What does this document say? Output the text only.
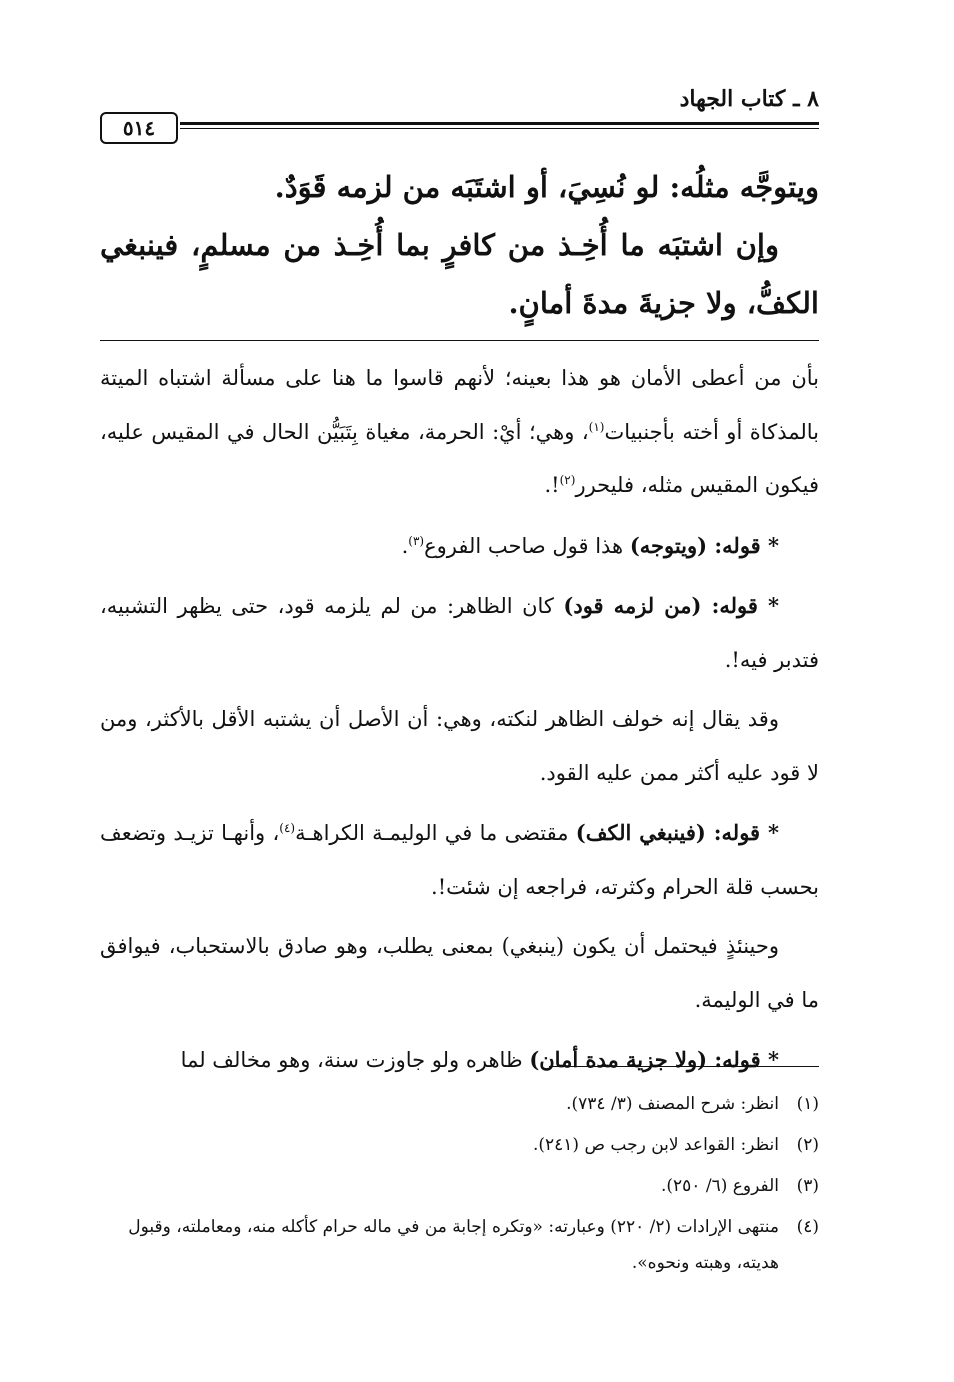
٨ ـ كتاب الجهاد
٥١٤

ويتوجَّه مثلُه: لو نُسِيَ، أو اشتَبَه من لزمه قَوَدٌ.

وإن اشتبَه ما أُخِـذ من كافرٍ بما أُخِـذ من مسلمٍ، فينبغي الكفُّ، ولا جزيةَ مدةَ أمانٍ.

بأن من أعطى الأمان هو هذا بعينه؛ لأنهم قاسوا ما هنا على مسألة اشتباه الميتة بالمذكاة أو أخته بأجنبيات$^{(١)}$، وهي؛ أيْ: الحرمة، مغياة بِتَبَيُّن الحال في المقيس عليه، فيكون المقيس مثله، فليحرر$^{(٢)}$!.

* قوله: (ويتوجه) هذا قول صاحب الفروع$^{(٣)}$.

* قوله: (من لزمه قود) كان الظاهر: من لم يلزمه قود، حتى يظهر التشبيه، فتدبر فيه!.

وقد يقال إنه خولف الظاهر لنكته، وهي: أن الأصل أن يشتبه الأقل بالأكثر، ومن لا قود عليه أكثر ممن عليه القود.

* قوله: (فينبغي الكف) مقتضى ما في الوليمـة الكراهـة$^{(٤)}$، وأنهـا تزيـد وتضعف بحسب قلة الحرام وكثرته، فراجعه إن شئت!.

وحينئذٍ فيحتمل أن يكون (ينبغي) بمعنى يطلب، وهو صادق بالاستحباب، فيوافق ما في الوليمة.

* قوله: (ولا جزية مدة أمان) ظاهره ولو جاوزت سنة، وهو مخالف لما

(١)
انظر: شرح المصنف (٣/ ٧٣٤).
(٢)
انظر: القواعد لابن رجب ص (٢٤١).
(٣)
الفروع (٦/ ٢٥٠).
(٤)
منتهى الإرادات (٢/ ٢٢٠) وعبارته: «وتكره إجابة من في ماله حرام كأكله منه، ومعاملته، وقبول هديته، وهبته ونحوه».
